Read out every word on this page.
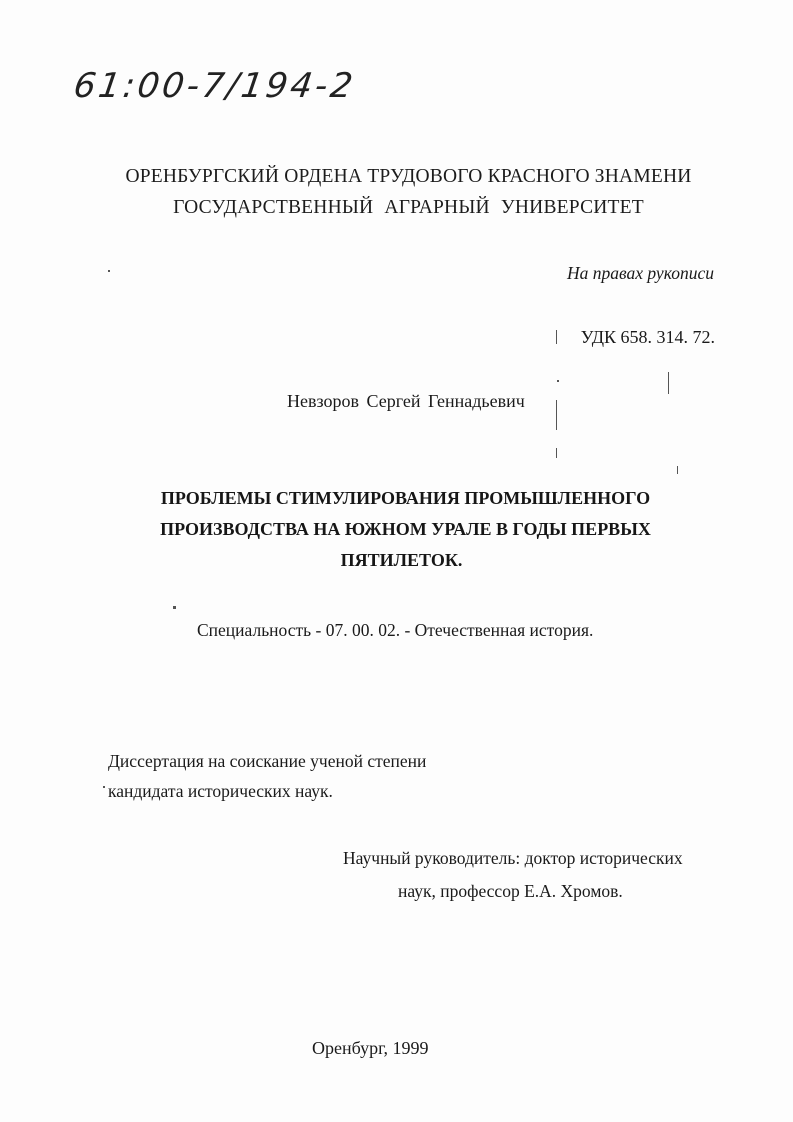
61:00-7/194-2
ОРЕНБУРГСКИЙ ОРДЕНА ТРУДОВОГО КРАСНОГО ЗНАМЕНИ
ГОСУДАРСТВЕННЫЙ АГРАРНЫЙ УНИВЕРСИТЕТ
На правах рукописи
УДК 658. 314. 72.
Невзоров Сергей Геннадьевич
ПРОБЛЕМЫ СТИМУЛИРОВАНИЯ ПРОМЫШЛЕННОГО
ПРОИЗВОДСТВА НА ЮЖНОМ УРАЛЕ В ГОДЫ ПЕРВЫХ
ПЯТИЛЕТОК.
Специальность - 07. 00. 02. - Отечественная история.
Диссертация на соискание ученой степени
кандидата исторических наук.
Научный руководитель: доктор исторических
наук, профессор Е.А. Хромов.
Оренбург, 1999
